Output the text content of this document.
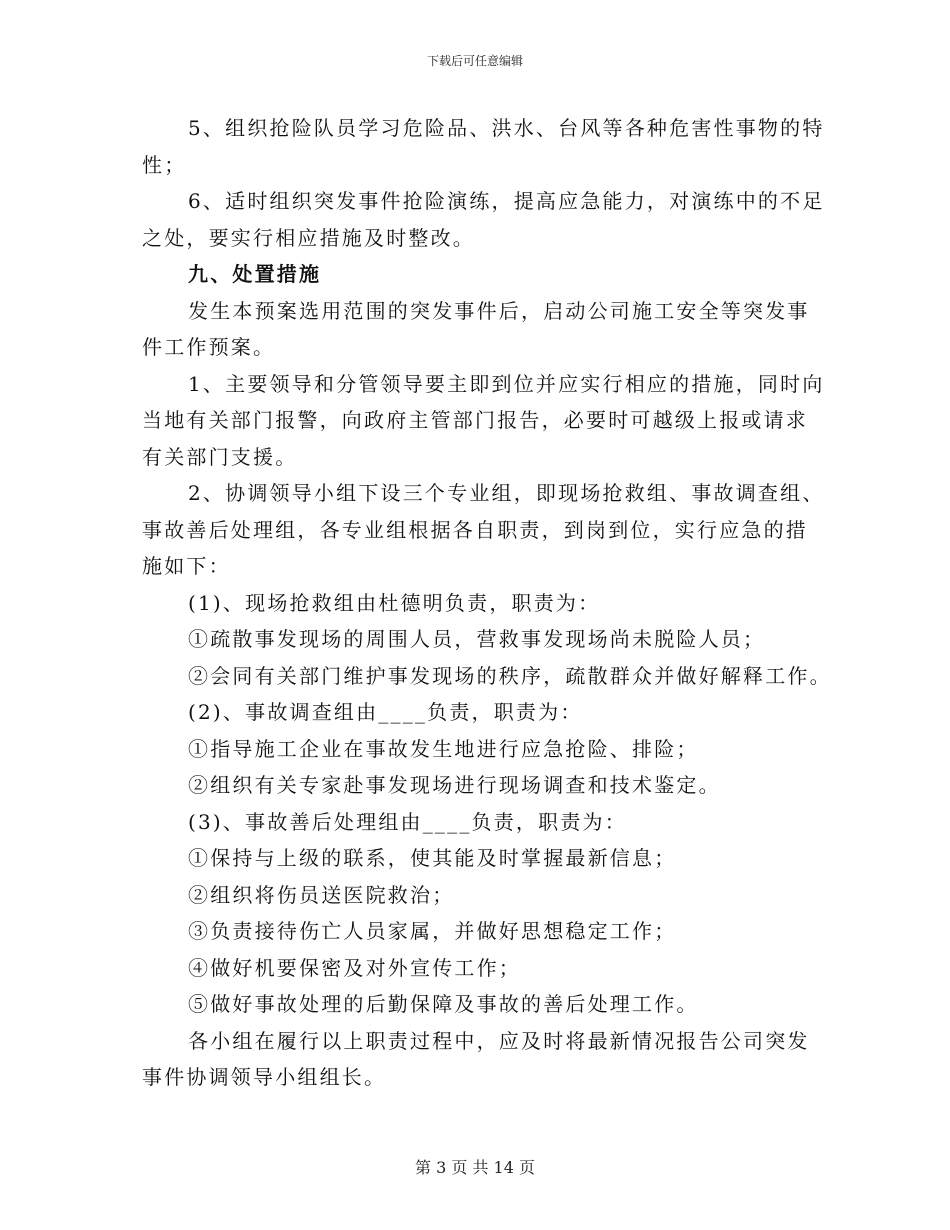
下载后可任意编辑

5、组织抢险队员学习危险品、洪水、台风等各种危害性事物的特

性；

6、适时组织突发事件抢险演练，提高应急能力，对演练中的不足

之处，要实行相应措施及时整改。

九、处置措施

发生本预案选用范围的突发事件后，启动公司施工安全等突发事

件工作预案。

1、主要领导和分管领导要主即到位并应实行相应的措施，同时向

当地有关部门报警，向政府主管部门报告，必要时可越级上报或请求

有关部门支援。

2、协调领导小组下设三个专业组，即现场抢救组、事故调查组、

事故善后处理组，各专业组根据各自职责，到岗到位，实行应急的措

施如下：

(1)、现场抢救组由杜德明负责，职责为：

①疏散事发现场的周围人员，营救事发现场尚未脱险人员；

②会同有关部门维护事发现场的秩序，疏散群众并做好解释工作。

(2)、事故调查组由____负责，职责为：

①指导施工企业在事故发生地进行应急抢险、排险；

②组织有关专家赴事发现场进行现场调查和技术鉴定。

(3)、事故善后处理组由____负责，职责为：

①保持与上级的联系，使其能及时掌握最新信息；

②组织将伤员送医院救治；

③负责接待伤亡人员家属，并做好思想稳定工作；

④做好机要保密及对外宣传工作；

⑤做好事故处理的后勤保障及事故的善后处理工作。

各小组在履行以上职责过程中，应及时将最新情况报告公司突发

事件协调领导小组组长。

第 3 页 共 14 页
